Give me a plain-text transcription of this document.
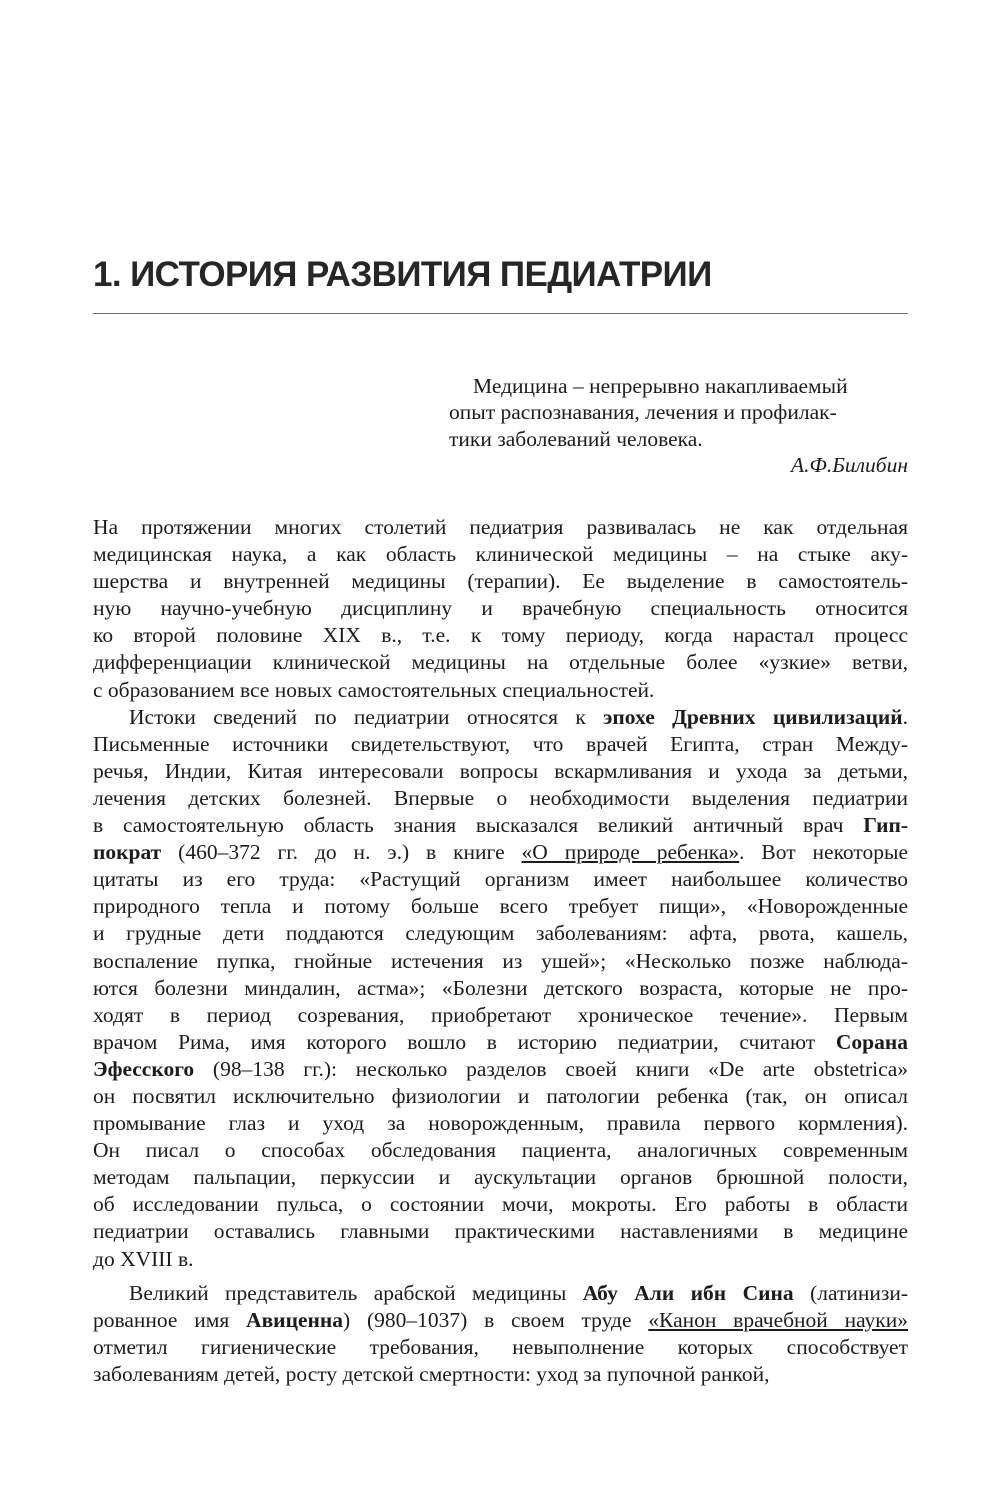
1. ИСТОРИЯ РАЗВИТИЯ ПЕДИАТРИИ
Медицина – непрерывно накапливаемый
опыт распознавания, лечения и профилак-
тики заболеваний человека.
А.Ф.Билибин

На протяжении многих столетий педиатрия развивалась не как отдельная
медицинская наука, а как область клинической медицины – на стыке аку-
шерства и внутренней медицины (терапии). Ее выделение в самостоятель-
ную научно-учебную дисциплину и врачебную специальность относится
ко второй половине XIX в., т.е. к тому периоду, когда нарастал процесс
дифференциации клинической медицины на отдельные более «узкие» ветви,
с образованием все новых самостоятельных специальностей.

Истоки сведений по педиатрии относятся к эпохе Древних цивилизаций.
Письменные источники свидетельствуют, что врачей Египта, стран Между-
речья, Индии, Китая интересовали вопросы вскармливания и ухода за детьми,
лечения детских болезней. Впервые о необходимости выделения педиатрии
в самостоятельную область знания высказался великий античный врач Гип-
пократ (460–372 гг. до н. э.) в книге «О природе ребенка». Вот некоторые
цитаты из его труда: «Растущий организм имеет наибольшее количество
природного тепла и потому больше всего требует пищи», «Новорожденные
и грудные дети поддаются следующим заболеваниям: афта, рвота, кашель,
воспаление пупка, гнойные истечения из ушей»; «Несколько позже наблюда-
ются болезни миндалин, астма»; «Болезни детского возраста, которые не про-
ходят в период созревания, приобретают хроническое течение». Первым
врачом Рима, имя которого вошло в историю педиатрии, считают Сорана
Эфесского (98–138 гг.): несколько разделов своей книги «De arte obstetrica»
он посвятил исключительно физиологии и патологии ребенка (так, он описал
промывание глаз и уход за новорожденным, правила первого кормления).
Он писал о способах обследования пациента, аналогичных современным
методам пальпации, перкуссии и аускультации органов брюшной полости,
об исследовании пульса, о состоянии мочи, мокроты. Его работы в области
педиатрии оставались главными практическими наставлениями в медицине
до XVIII в.

Великий представитель арабской медицины Абу Али ибн Сина (латинизи-
рованное имя Авиценна) (980–1037) в своем труде «Канон врачебной науки»
отметил гигиенические требования, невыполнение которых способствует
заболеваниям детей, росту детской смертности: уход за пупочной ранкой,
